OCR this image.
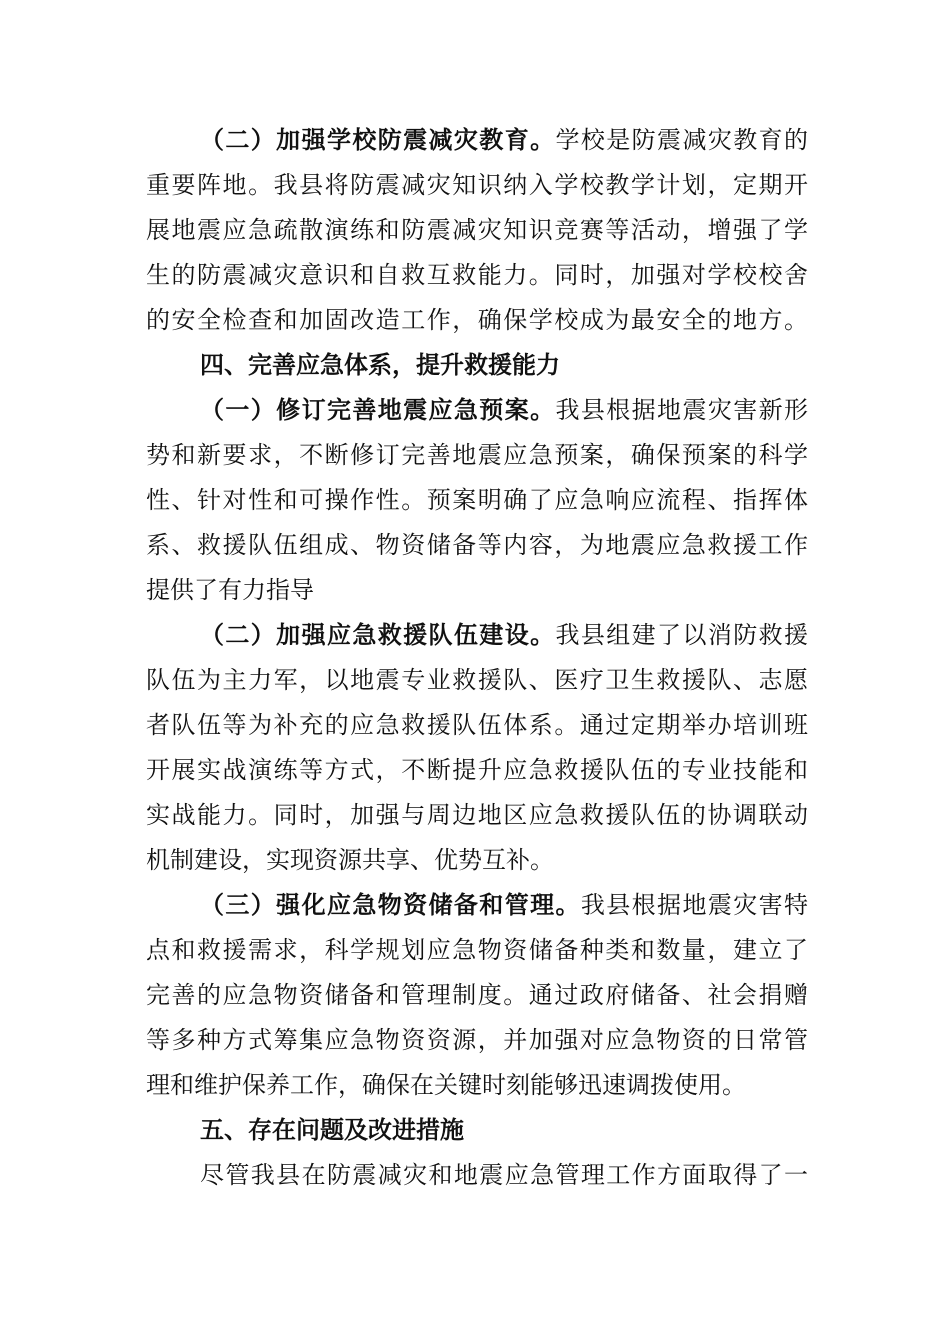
（二）加强学校防震减灾教育。学校是防震减灾教育的
重要阵地。我县将防震减灾知识纳入学校教学计划，定期开
展地震应急疏散演练和防震减灾知识竞赛等活动，增强了学
生的防震减灾意识和自救互救能力。同时，加强对学校校舍
的安全检查和加固改造工作，确保学校成为最安全的地方。
四、完善应急体系，提升救援能力
（一）修订完善地震应急预案。我县根据地震灾害新形
势和新要求，不断修订完善地震应急预案，确保预案的科学
性、针对性和可操作性。预案明确了应急响应流程、指挥体
系、救援队伍组成、物资储备等内容，为地震应急救援工作
提供了有力指导
（二）加强应急救援队伍建设。我县组建了以消防救援
队伍为主力军，以地震专业救援队、医疗卫生救援队、志愿
者队伍等为补充的应急救援队伍体系。通过定期举办培训班
开展实战演练等方式，不断提升应急救援队伍的专业技能和
实战能力。同时，加强与周边地区应急救援队伍的协调联动
机制建设，实现资源共享、优势互补。
（三）强化应急物资储备和管理。我县根据地震灾害特
点和救援需求，科学规划应急物资储备种类和数量，建立了
完善的应急物资储备和管理制度。通过政府储备、社会捐赠
等多种方式筹集应急物资资源，并加强对应急物资的日常管
理和维护保养工作，确保在关键时刻能够迅速调拨使用。
五、存在问题及改进措施
尽管我县在防震减灾和地震应急管理工作方面取得了一
